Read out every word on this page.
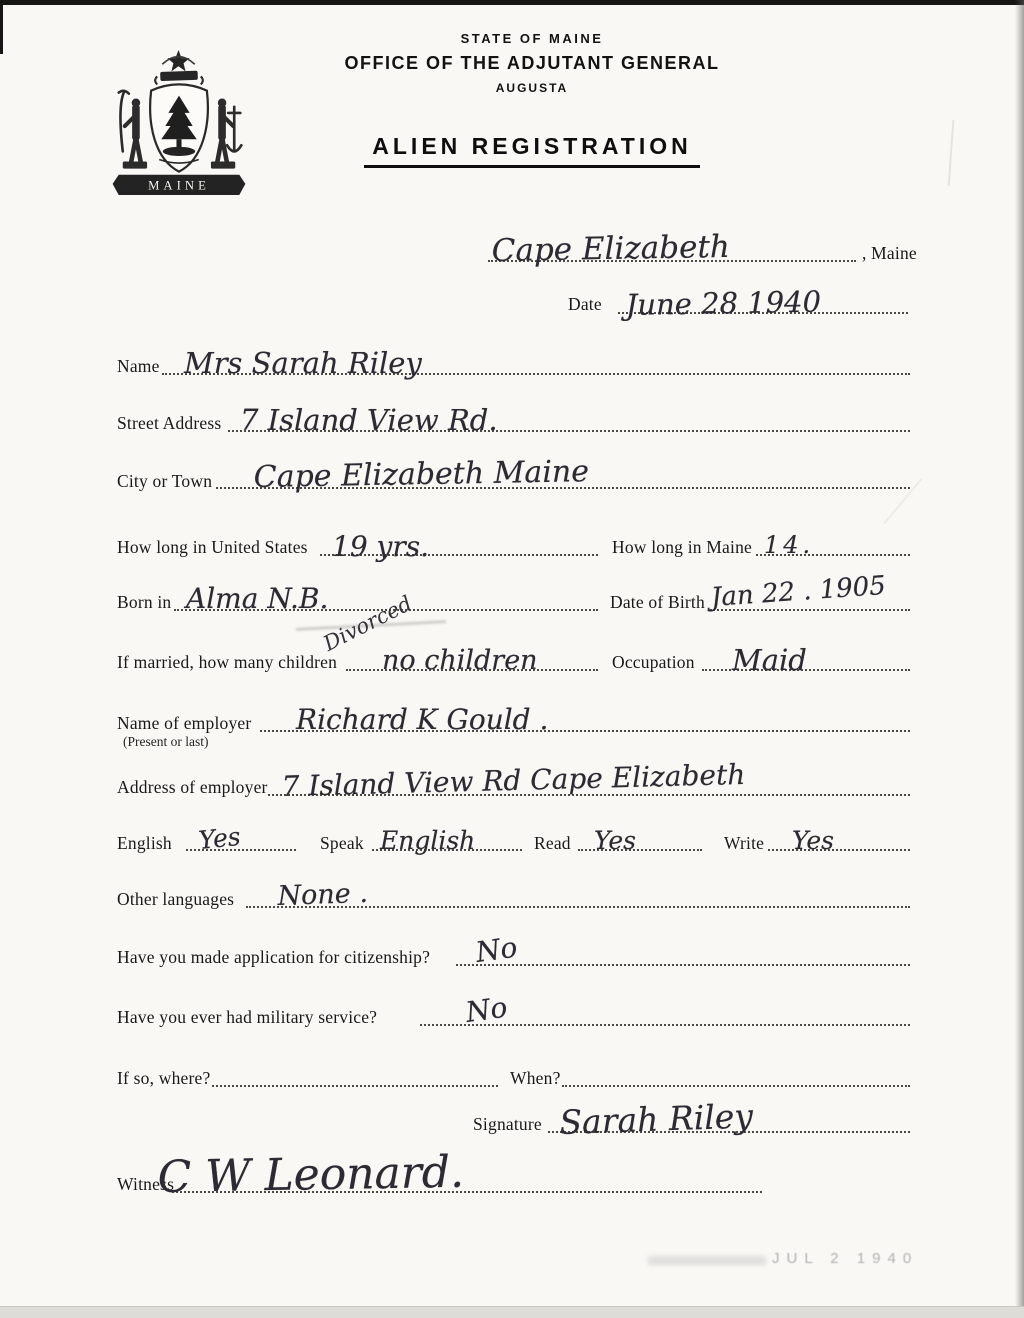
MAINE
STATE OF MAINE
OFFICE OF THE ADJUTANT GENERAL
AUGUSTA
ALIEN REGISTRATION
Cape Elizabeth	, Maine
Date June 28 1940
Name Mrs Sarah Riley
Street Address 7 Island View Rd.
City or Town Cape Elizabeth Maine
How long in United States 19 yrs.	How long in Maine 14.
Born in Alma N.B.	Date of Birth Jan 22 . 1905
If married, how many children
Divorced
no children	Occupation Maid
Name of employer
(Present or last)
Richard K Gould .
Address of employer 7 Island View Rd Cape Elizabeth
English Yes	Speak English	Read Yes	Write Yes
Other languages None .
Have you made application for citizenship? No
Have you ever had military service?	No
If so, where?	When?
Signature Sarah Riley
Witness
C W Leonard.
JUL 2 1940
